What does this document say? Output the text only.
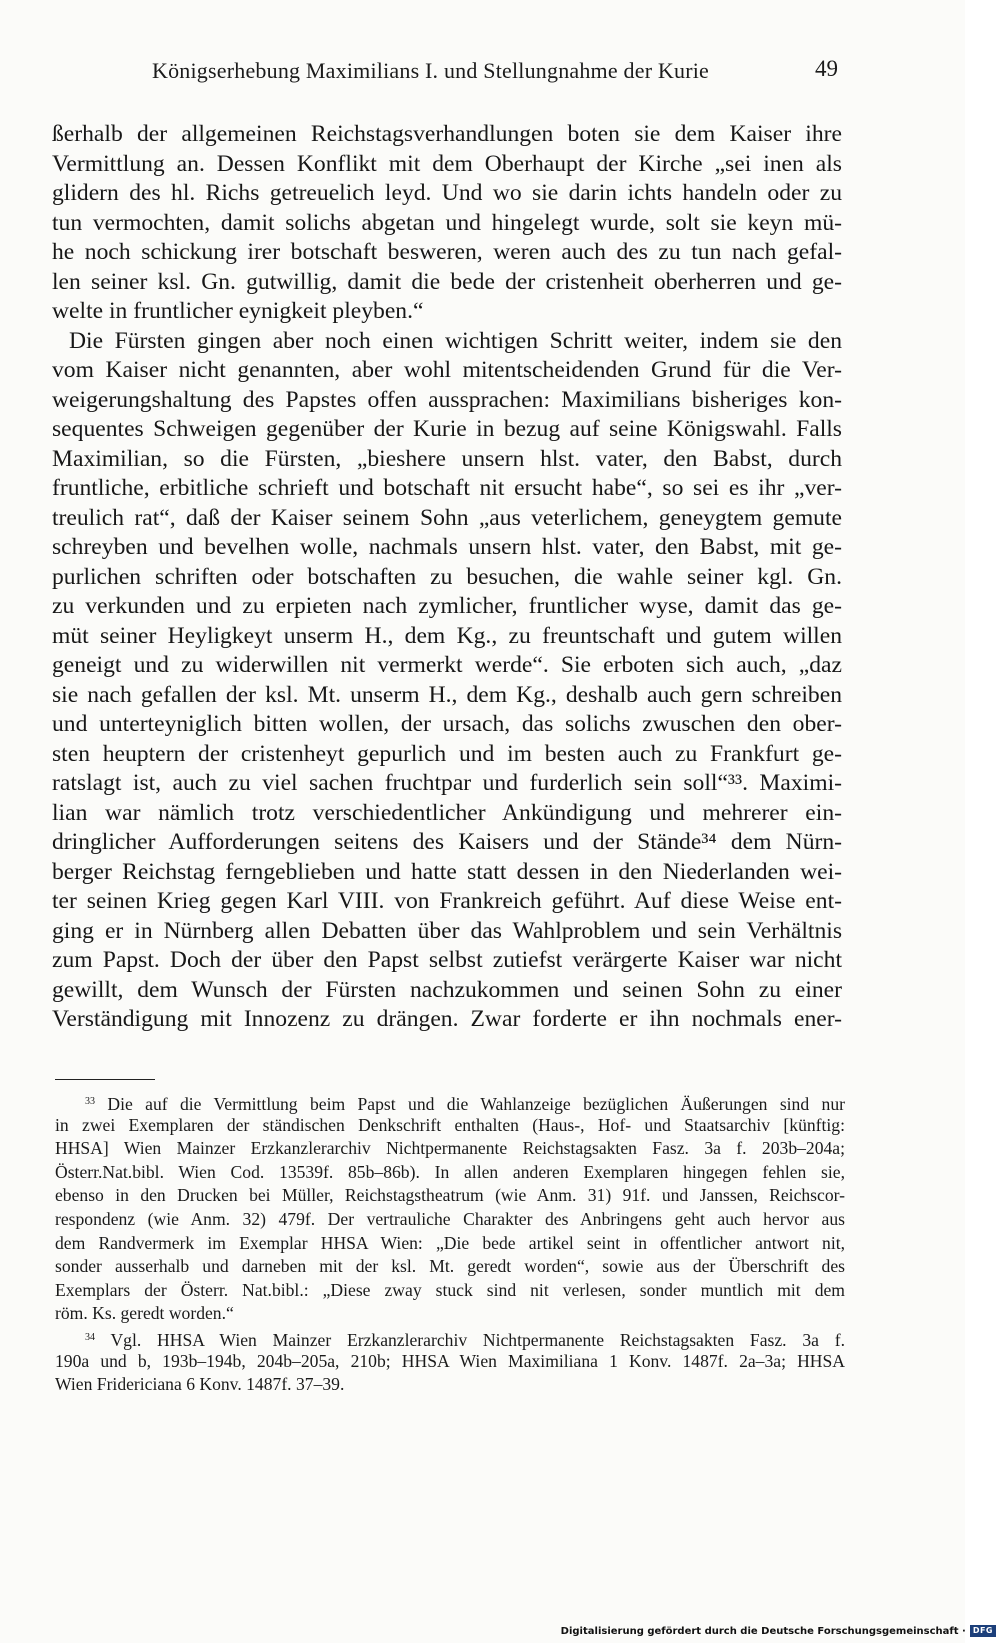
Königserhebung Maximilians I. und Stellungnahme der Kurie	49
ßerhalb der allgemeinen Reichstagsverhandlungen boten sie dem Kaiser ihre
Vermittlung an. Dessen Konflikt mit dem Oberhaupt der Kirche „sei inen als
glidern des hl. Richs getreuelich leyd. Und wo sie darin ichts handeln oder zu
tun vermochten, damit solichs abgetan und hingelegt wurde, solt sie keyn mü-
he noch schickung irer botschaft besweren, weren auch des zu tun nach gefal-
len seiner ksl. Gn. gutwillig, damit die bede der cristenheit oberherren und ge-
welte in fruntlicher eynigkeit pleyben.“
Die Fürsten gingen aber noch einen wichtigen Schritt weiter, indem sie den
vom Kaiser nicht genannten, aber wohl mitentscheidenden Grund für die Ver-
weigerungshaltung des Papstes offen aussprachen: Maximilians bisheriges kon-
sequentes Schweigen gegenüber der Kurie in bezug auf seine Königswahl. Falls
Maximilian, so die Fürsten, „bieshere unsern hlst. vater, den Babst, durch
fruntliche, erbitliche schrieft und botschaft nit ersucht habe“, so sei es ihr „ver-
treulich rat“, daß der Kaiser seinem Sohn „aus veterlichem, geneygtem gemute
schreyben und bevelhen wolle, nachmals unsern hlst. vater, den Babst, mit ge-
purlichen schriften oder botschaften zu besuchen, die wahle seiner kgl. Gn.
zu verkunden und zu erpieten nach zymlicher, fruntlicher wyse, damit das ge-
müt seiner Heyligkeyt unserm H., dem Kg., zu freuntschaft und gutem willen
geneigt und zu widerwillen nit vermerkt werde“. Sie erboten sich auch, „daz
sie nach gefallen der ksl. Mt. unserm H., dem Kg., deshalb auch gern schreiben
und unterteyniglich bitten wollen, der ursach, das solichs zwuschen den ober-
sten heuptern der cristenheyt gepurlich und im besten auch zu Frankfurt ge-
ratslagt ist, auch zu viel sachen fruchtpar und furderlich sein soll“³³. Maximi-
lian war nämlich trotz verschiedentlicher Ankündigung und mehrerer ein-
dringlicher Aufforderungen seitens des Kaisers und der Stände³⁴ dem Nürn-
berger Reichstag ferngeblieben und hatte statt dessen in den Niederlanden wei-
ter seinen Krieg gegen Karl VIII. von Frankreich geführt. Auf diese Weise ent-
ging er in Nürnberg allen Debatten über das Wahlproblem und sein Verhältnis
zum Papst. Doch der über den Papst selbst zutiefst verärgerte Kaiser war nicht
gewillt, dem Wunsch der Fürsten nachzukommen und seinen Sohn zu einer
Verständigung mit Innozenz zu drängen. Zwar forderte er ihn nochmals ener-
$^{33}$ Die auf die Vermittlung beim Papst und die Wahlanzeige bezüglichen Äußerungen sind nur
in zwei Exemplaren der ständischen Denkschrift enthalten (Haus-, Hof- und Staatsarchiv [künftig:
HHSA] Wien Mainzer Erzkanzlerarchiv Nichtpermanente Reichstagsakten Fasz. 3a f. 203b–204a;
Österr.Nat.bibl. Wien Cod. 13539f. 85b–86b). In allen anderen Exemplaren hingegen fehlen sie,
ebenso in den Drucken bei Müller, Reichstagstheatrum (wie Anm. 31) 91f. und Janssen, Reichscor-
respondenz (wie Anm. 32) 479f. Der vertrauliche Charakter des Anbringens geht auch hervor aus
dem Randvermerk im Exemplar HHSA Wien: „Die bede artikel seint in offentlicher antwort nit,
sonder ausserhalb und darneben mit der ksl. Mt. geredt worden“, sowie aus der Überschrift des
Exemplars der Österr. Nat.bibl.: „Diese zway stuck sind nit verlesen, sonder muntlich mit dem
röm. Ks. geredt worden.“
$^{34}$ Vgl. HHSA Wien Mainzer Erzkanzlerarchiv Nichtpermanente Reichstagsakten Fasz. 3a f.
190a und b, 193b–194b, 204b–205a, 210b; HHSA Wien Maximiliana 1 Konv. 1487f. 2a–3a; HHSA
Wien Fridericiana 6 Konv. 1487f. 37–39.
Digitalisierung gefördert durch die Deutsche Forschungsgemeinschaft · DFG
